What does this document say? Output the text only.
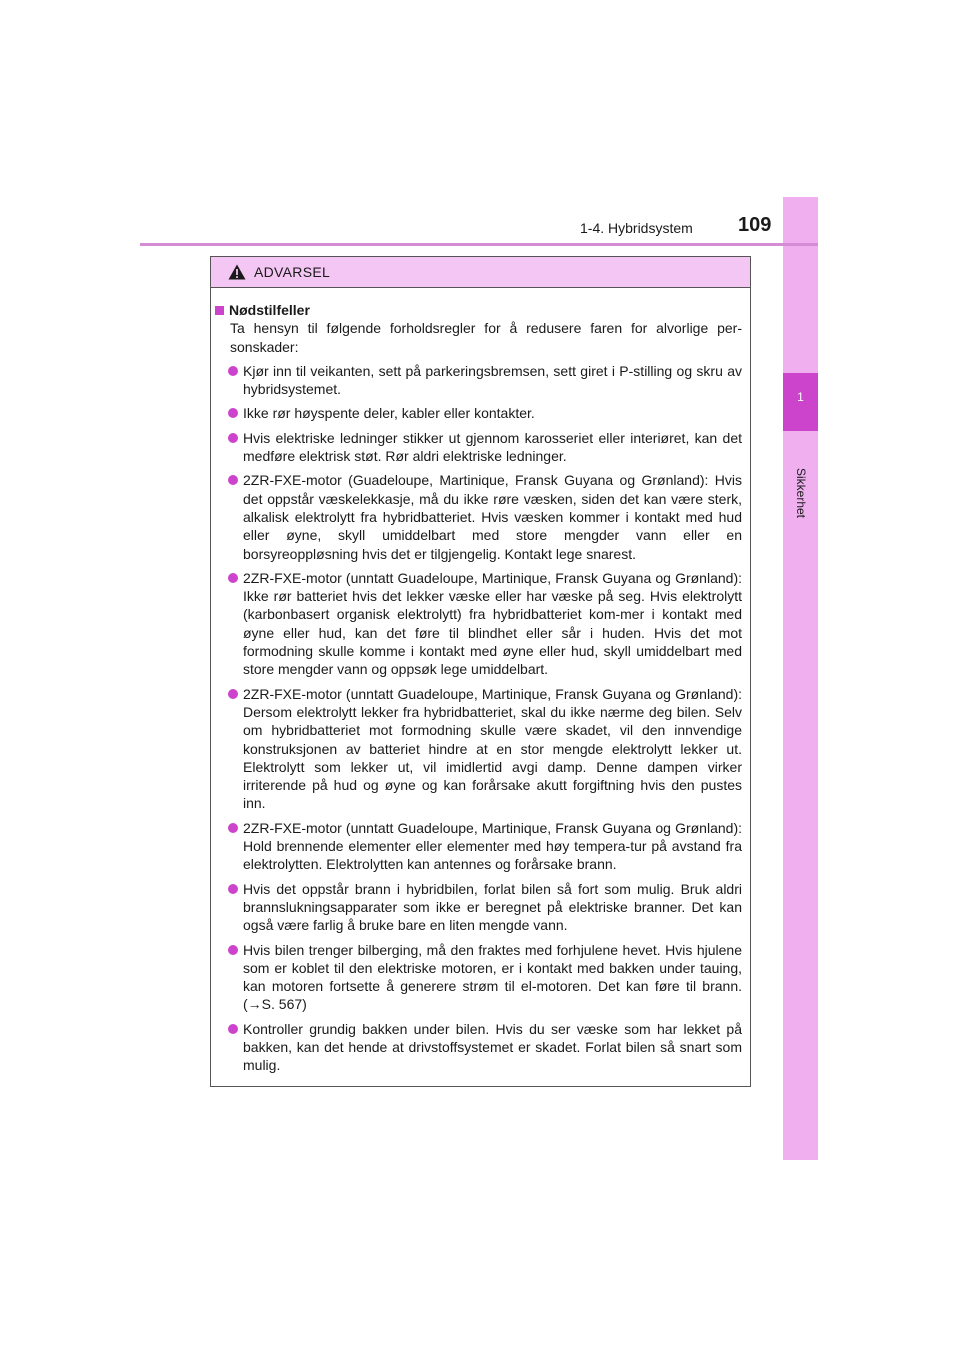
1
Sikkerhet
1-4. Hybridsystem 109
ADVARSEL
Nødstilfeller
Ta hensyn til følgende forholdsregler for å redusere faren for alvorlige per-sonskader:
Kjør inn til veikanten, sett på parkeringsbremsen, sett giret i P-stilling og skru av hybridsystemet.
Ikke rør høyspente deler, kabler eller kontakter.
Hvis elektriske ledninger stikker ut gjennom karosseriet eller interiøret, kan det medføre elektrisk støt. Rør aldri elektriske ledninger.
2ZR-FXE-motor (Guadeloupe, Martinique, Fransk Guyana og Grønland): Hvis det oppstår væskelekkasje, må du ikke røre væsken, siden det kan være sterk, alkalisk elektrolytt fra hybridbatteriet. Hvis væsken kommer i kontakt med hud eller øyne, skyll umiddelbart med store mengder vann eller en borsyreoppløsning hvis det er tilgjengelig. Kontakt lege snarest.
2ZR-FXE-motor (unntatt Guadeloupe, Martinique, Fransk Guyana og Grønland): Ikke rør batteriet hvis det lekker væske eller har væske på seg. Hvis elektrolytt (karbonbasert organisk elektrolytt) fra hybridbatteriet kom-mer i kontakt med øyne eller hud, kan det føre til blindhet eller sår i huden. Hvis det mot formodning skulle komme i kontakt med øyne eller hud, skyll umiddelbart med store mengder vann og oppsøk lege umiddelbart.
2ZR-FXE-motor (unntatt Guadeloupe, Martinique, Fransk Guyana og Grønland): Dersom elektrolytt lekker fra hybridbatteriet, skal du ikke nærme deg bilen. Selv om hybridbatteriet mot formodning skulle være skadet, vil den innvendige konstruksjonen av batteriet hindre at en stor mengde elektrolytt lekker ut. Elektrolytt som lekker ut, vil imidlertid avgi damp. Denne dampen virker irriterende på hud og øyne og kan forårsake akutt forgiftning hvis den pustes inn.
2ZR-FXE-motor (unntatt Guadeloupe, Martinique, Fransk Guyana og Grønland): Hold brennende elementer eller elementer med høy tempera-tur på avstand fra elektrolytten. Elektrolytten kan antennes og forårsake brann.
Hvis det oppstår brann i hybridbilen, forlat bilen så fort som mulig. Bruk aldri brannslukningsapparater som ikke er beregnet på elektriske branner. Det kan også være farlig å bruke bare en liten mengde vann.
Hvis bilen trenger bilberging, må den fraktes med forhjulene hevet. Hvis hjulene som er koblet til den elektriske motoren, er i kontakt med bakken under tauing, kan motoren fortsette å generere strøm til el-motoren. Det kan føre til brann. (→S. 567)
Kontroller grundig bakken under bilen. Hvis du ser væske som har lekket på bakken, kan det hende at drivstoffsystemet er skadet. Forlat bilen så snart som mulig.
